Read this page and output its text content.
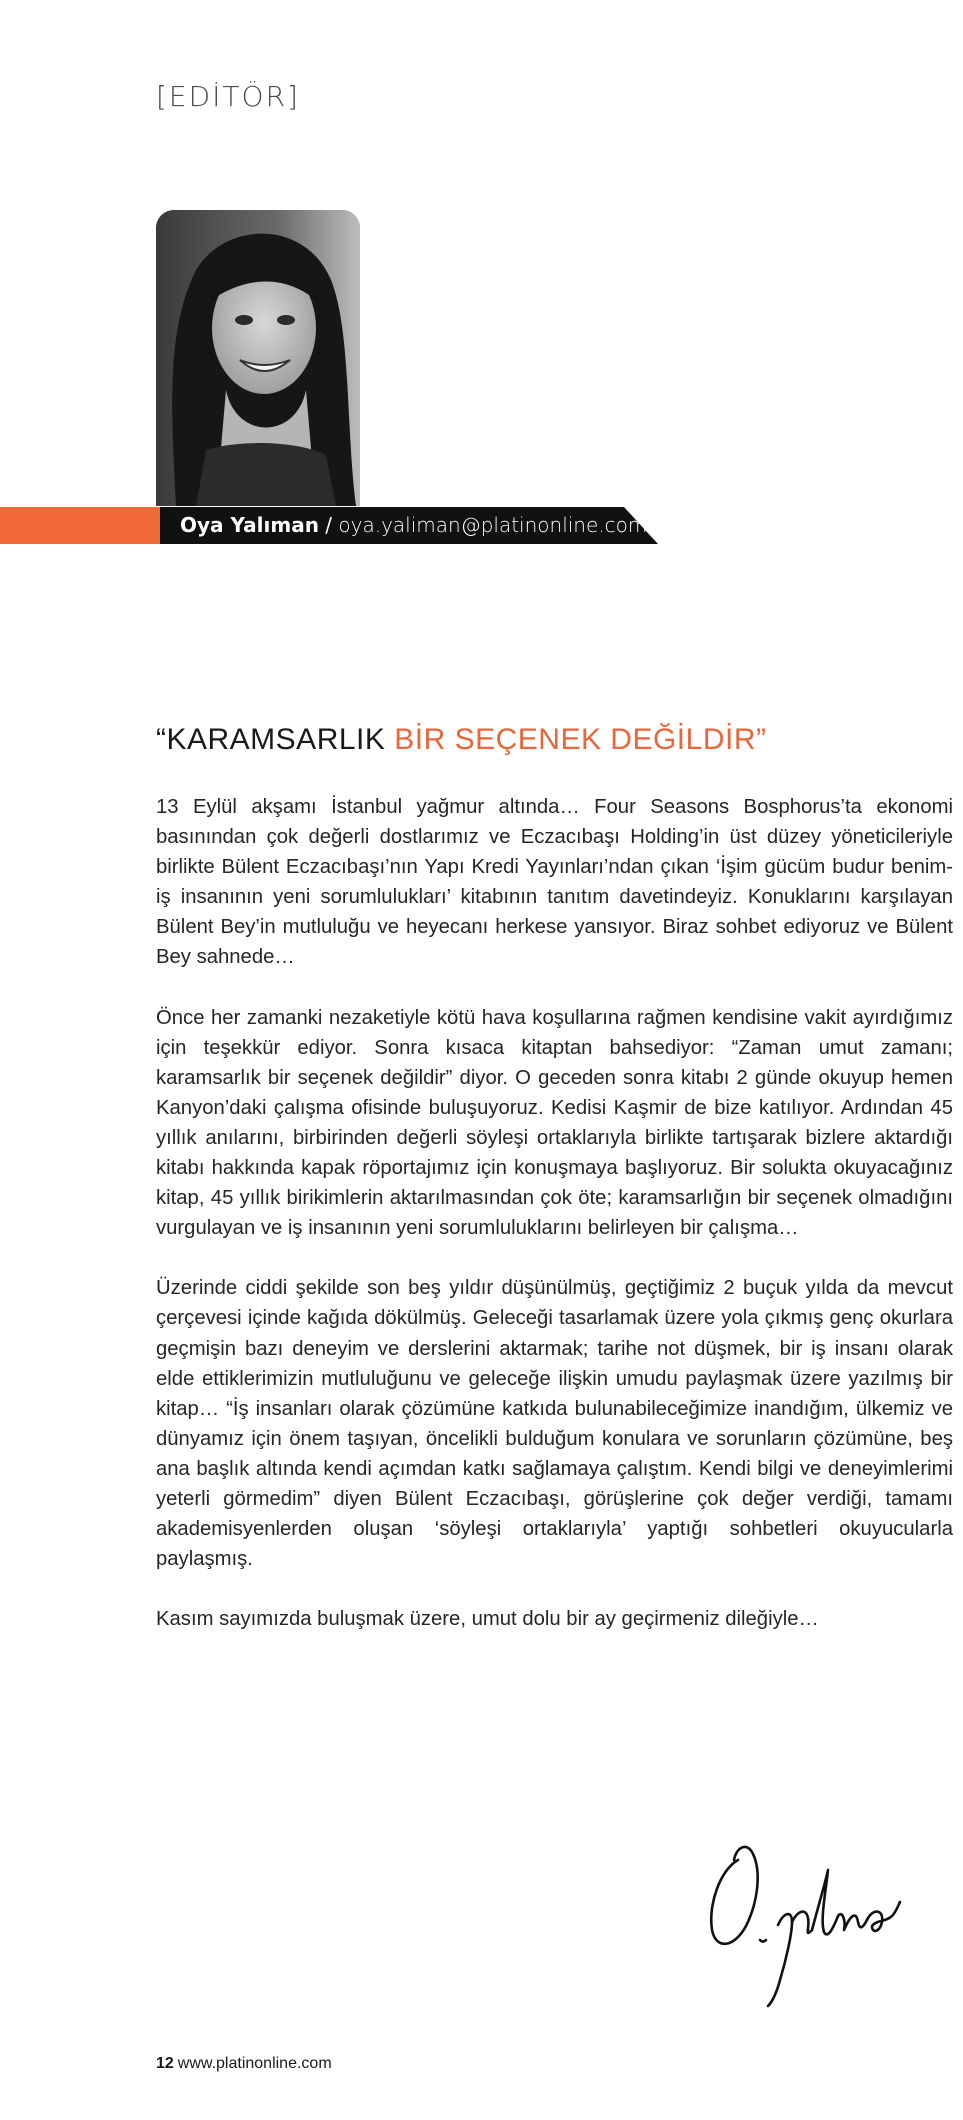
[EDİTÖR]
Oya Yalıman / oya.yaliman@platinonline.com
“KARAMSARLIK BİR SEÇENEK DEĞİLDİR”

13 Eylül akşamı İstanbul yağmur altında… Four Seasons Bosphorus’ta ekonomi basınından çok değerli dostlarımız ve Eczacıbaşı Holding’in üst düzey yöneticileriyle birlikte Bülent Eczacıbaşı’nın Yapı Kredi Yayınları’ndan çıkan ‘İşim gücüm budur benim-iş insanının yeni sorumlulukları’ kitabının tanıtım davetindeyiz. Konuklarını karşılayan Bülent Bey’in mutluluğu ve heyecanı herkese yansıyor. Biraz sohbet ediyoruz ve Bülent Bey sahnede…

Önce her zamanki nezaketiyle kötü hava koşullarına rağmen kendisine vakit ayırdığımız için teşekkür ediyor. Sonra kısaca kitaptan bahsediyor: “Zaman umut zamanı; karamsarlık bir seçenek değildir” diyor. O geceden sonra kitabı 2 günde okuyup hemen Kanyon’daki çalışma ofisinde buluşuyoruz. Kedisi Kaşmir de bize katılıyor. Ardından 45 yıllık anılarını, birbirinden değerli söyleşi ortaklarıyla birlikte tartışarak bizlere aktardığı kitabı hakkında kapak röportajımız için konuşmaya başlıyoruz. Bir solukta okuyacağınız kitap, 45 yıllık birikimlerin aktarılmasından çok öte; karamsarlığın bir seçenek olmadığını vurgulayan ve iş insanının yeni sorumluluklarını belirleyen bir çalışma…

Üzerinde ciddi şekilde son beş yıldır düşünülmüş, geçtiğimiz 2 buçuk yılda da mevcut çerçevesi içinde kağıda dökülmüş. Geleceği tasarlamak üzere yola çıkmış genç okurlara geçmişin bazı deneyim ve derslerini aktarmak; tarihe not düşmek, bir iş insanı olarak elde ettiklerimizin mutluluğunu ve geleceğe ilişkin umudu paylaşmak üzere yazılmış bir kitap… “İş insanları olarak çözümüne katkıda bulunabileceğimize inandığım, ülkemiz ve dünyamız için önem taşıyan, öncelikli bulduğum konulara ve sorunların çözümüne, beş ana başlık altında kendi açımdan katkı sağlamaya çalıştım. Kendi bilgi ve deneyimlerimi yeterli görmedim” diyen Bülent Eczacıbaşı, görüşlerine çok değer verdiği, tamamı akademisyenlerden oluşan ‘söyleşi ortaklarıyla’ yaptığı sohbetleri okuyucularla paylaşmış.

Kasım sayımızda buluşmak üzere, umut dolu bir ay geçirmeniz dileğiyle…

12 www.platinonline.com
